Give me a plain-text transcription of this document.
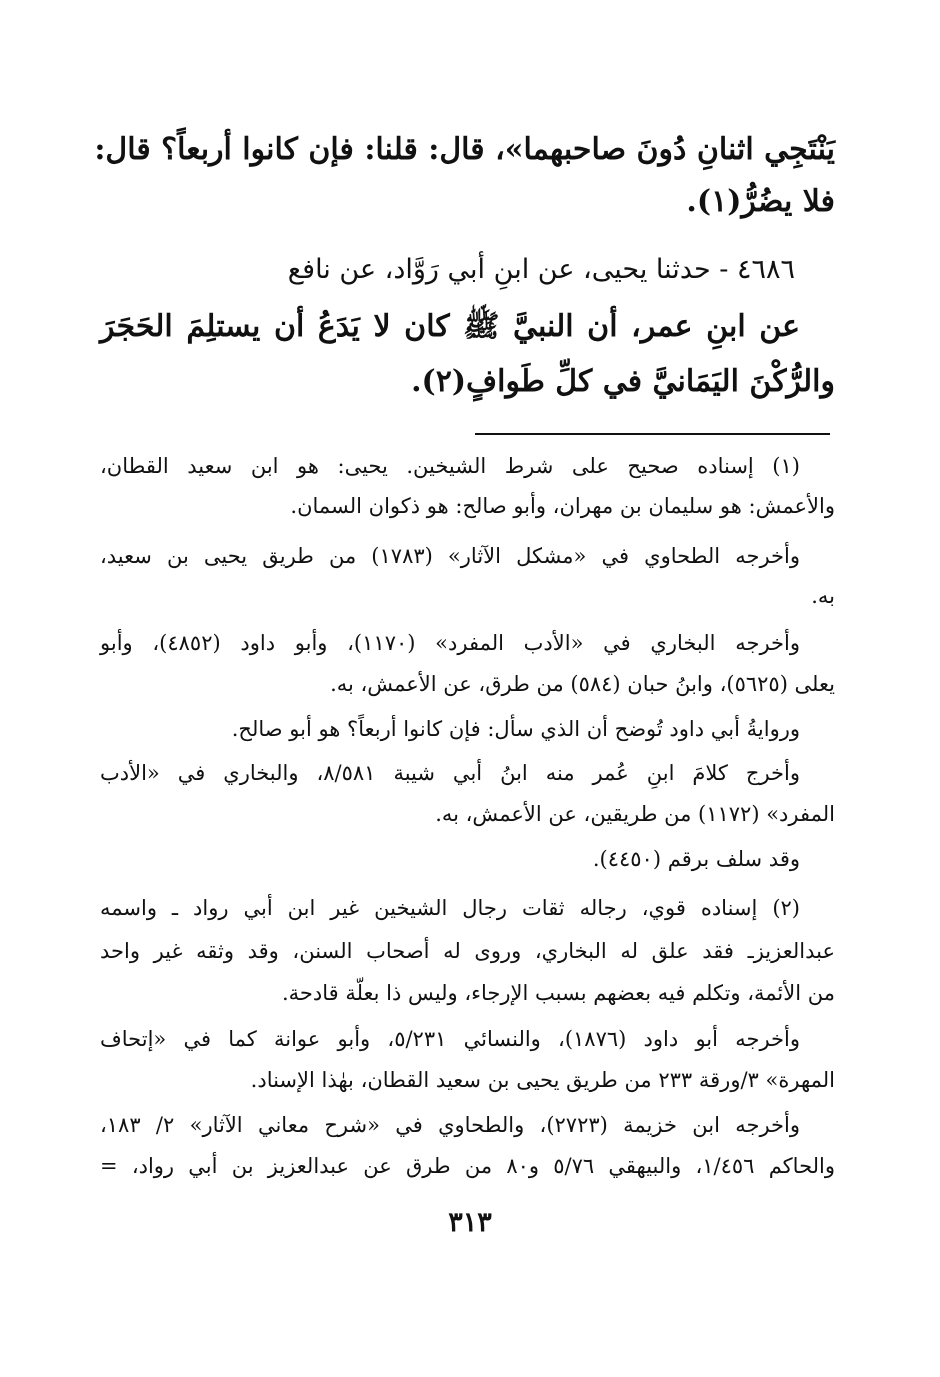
يَنْتَجِي اثنانِ دُونَ صاحبهما»، قال: قلنا: فإن كانوا أربعاً؟ قال:
فلا يضُرُّ(١).
٤٦٨٦ - حدثنا يحيى، عن ابنِ أبي رَوَّاد، عن نافع
عن ابنِ عمر، أن النبيَّ ﷺ كان لا يَدَعُ أن يستلِمَ الحَجَرَ
والرُّكْنَ اليَمَانيَّ في كلِّ طَوافٍ(٢).
(١) إسناده صحيح على شرط الشيخين. يحيى: هو ابن سعيد القطان،
والأعمش: هو سليمان بن مهران، وأبو صالح: هو ذكوان السمان.
وأخرجه الطحاوي في «مشكل الآثار» (١٧٨٣) من طريق يحيى بن سعيد،
به.
وأخرجه البخاري في «الأدب المفرد» (١١٧٠)، وأبو داود (٤٨٥٢)، وأبو
يعلى (٥٦٢٥)، وابنُ حبان (٥٨٤) من طرق، عن الأعمش، به.
وروايةُ أبي داود تُوضح أن الذي سأل: فإن كانوا أربعاً؟ هو أبو صالح.
وأخرج كلامَ ابنِ عُمر منه ابنُ أبي شيبة ٨/٥٨١، والبخاري في «الأدب
المفرد» (١١٧٢) من طريقين، عن الأعمش، به.
وقد سلف برقم (٤٤٥٠).
(٢) إسناده قوي، رجاله ثقات رجال الشيخين غير ابن أبي رواد ـ واسمه
عبدالعزيزـ فقد علق له البخاري، وروى له أصحاب السنن، وقد وثقه غير واحد
من الأئمة، وتكلم فيه بعضهم بسبب الإرجاء، وليس ذا بعلّة قادحة.
وأخرجه أبو داود (١٨٧٦)، والنسائي ٥/٢٣١، وأبو عوانة كما في «إتحاف
المهرة» ٣/ورقة ٢٣٣ من طريق يحيى بن سعيد القطان، بهٰذا الإسناد.
وأخرجه ابن خزيمة (٢٧٢٣)، والطحاوي في «شرح معاني الآثار» ٢/ ١٨٣،
والحاكم ١/٤٥٦، والبيهقي ٥/٧٦ و٨٠ من طرق عن عبدالعزيز بن أبي رواد، =
٣١٣
